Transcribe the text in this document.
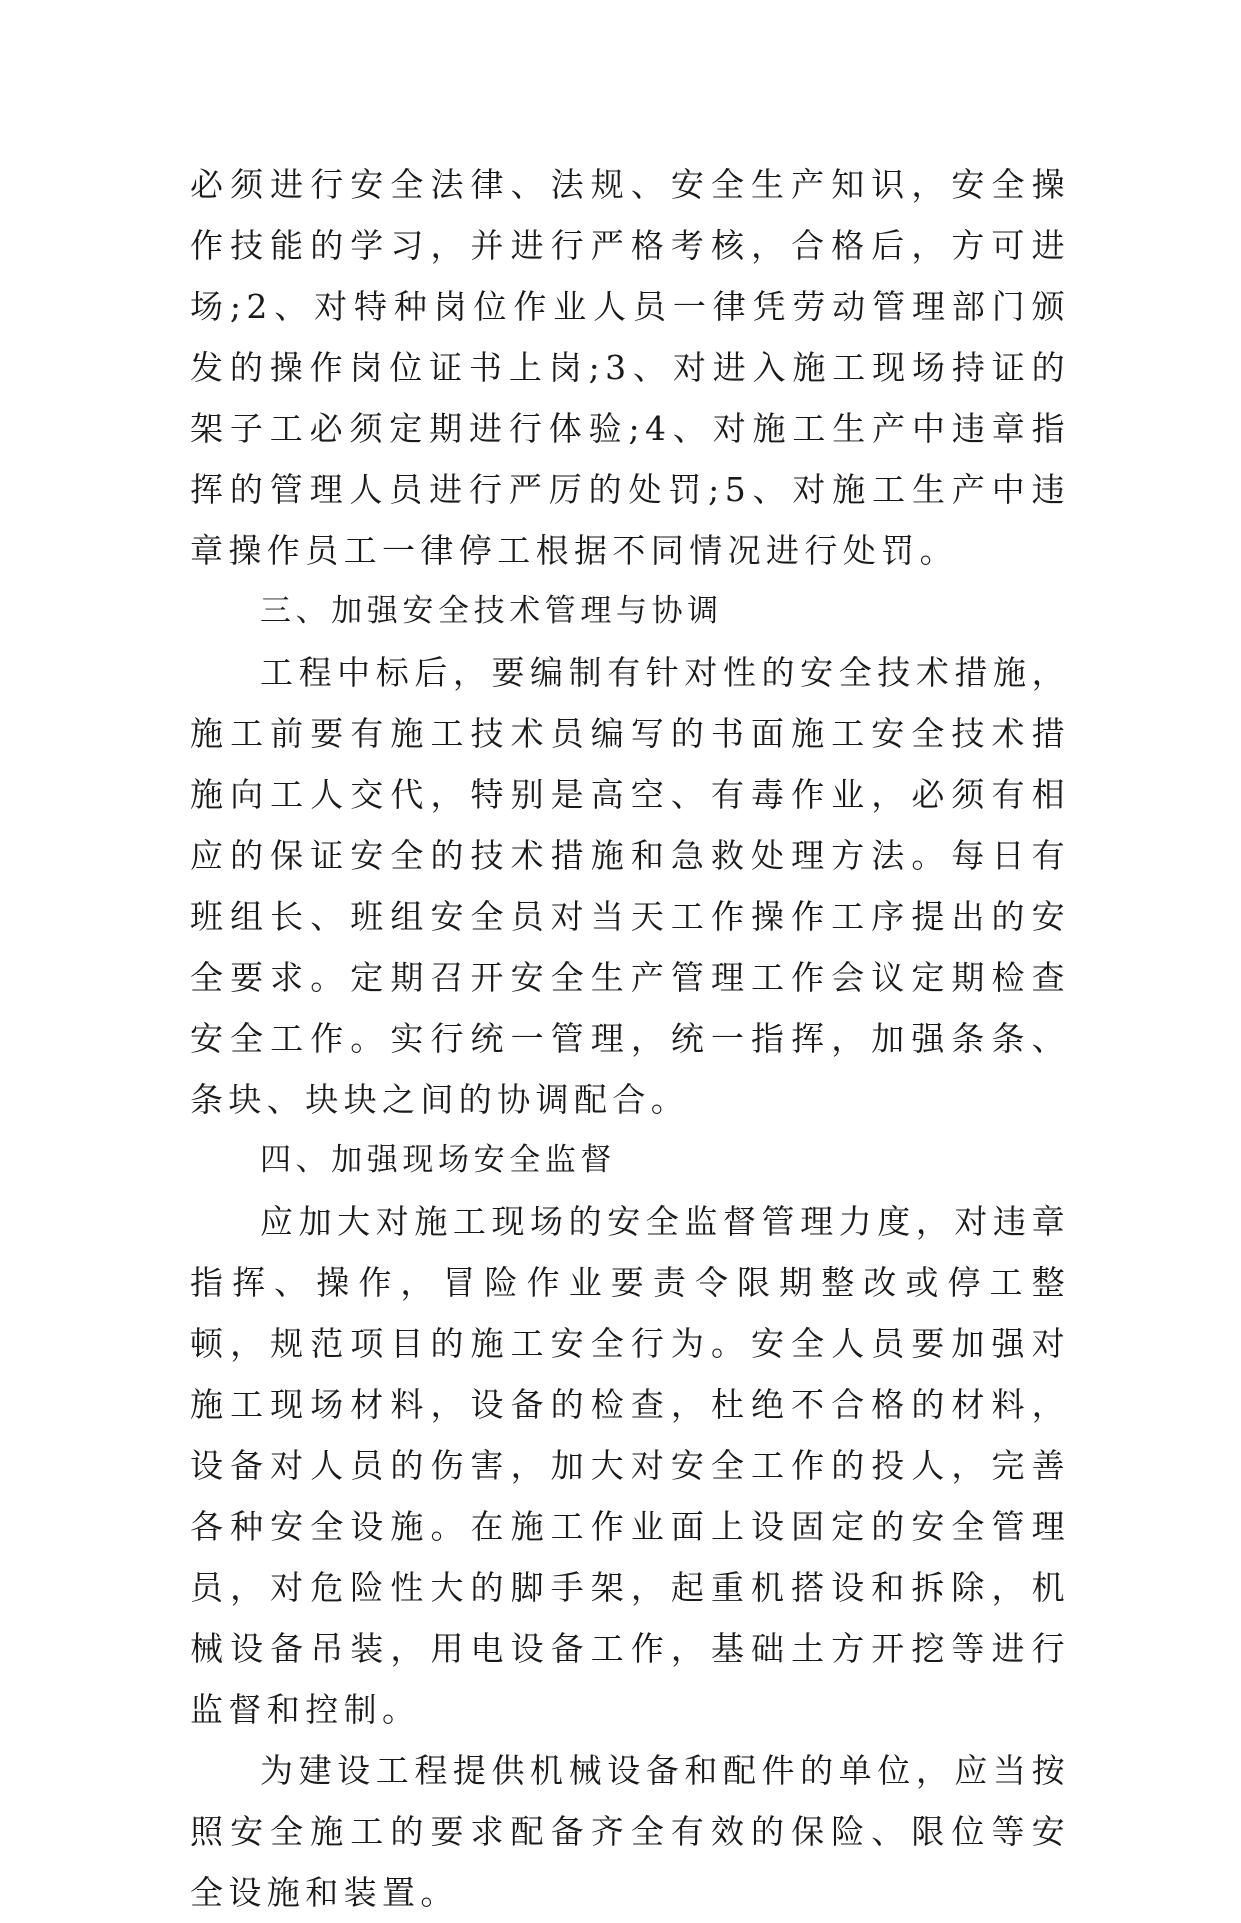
必须进行安全法律、法规、安全生产知识，安全操作技能的学习，并进行严格考核，合格后，方可进场;2、对特种岗位作业人员一律凭劳动管理部门颁发的操作岗位证书上岗;3、对进入施工现场持证的架子工必须定期进行体验;4、对施工生产中违章指挥的管理人员进行严厉的处罚;5、对施工生产中违章操作员工一律停工根据不同情况进行处罚。

三、加强安全技术管理与协调

工程中标后，要编制有针对性的安全技术措施，施工前要有施工技术员编写的书面施工安全技术措施向工人交代，特别是高空、有毒作业，必须有相应的保证安全的技术措施和急救处理方法。每日有班组长、班组安全员对当天工作操作工序提出的安全要求。定期召开安全生产管理工作会议定期检查安全工作。实行统一管理，统一指挥，加强条条、条块、块块之间的协调配合。

四、加强现场安全监督

应加大对施工现场的安全监督管理力度，对违章指挥、操作，冒险作业要责令限期整改或停工整顿，规范项目的施工安全行为。安全人员要加强对施工现场材料，设备的检查，杜绝不合格的材料，设备对人员的伤害，加大对安全工作的投人，完善各种安全设施。在施工作业面上设固定的安全管理员，对危险性大的脚手架，起重机搭设和拆除，机械设备吊装，用电设备工作，基础土方开挖等进行监督和控制。

为建设工程提供机械设备和配件的单位，应当按照安全施工的要求配备齐全有效的保险、限位等安全设施和装置。
